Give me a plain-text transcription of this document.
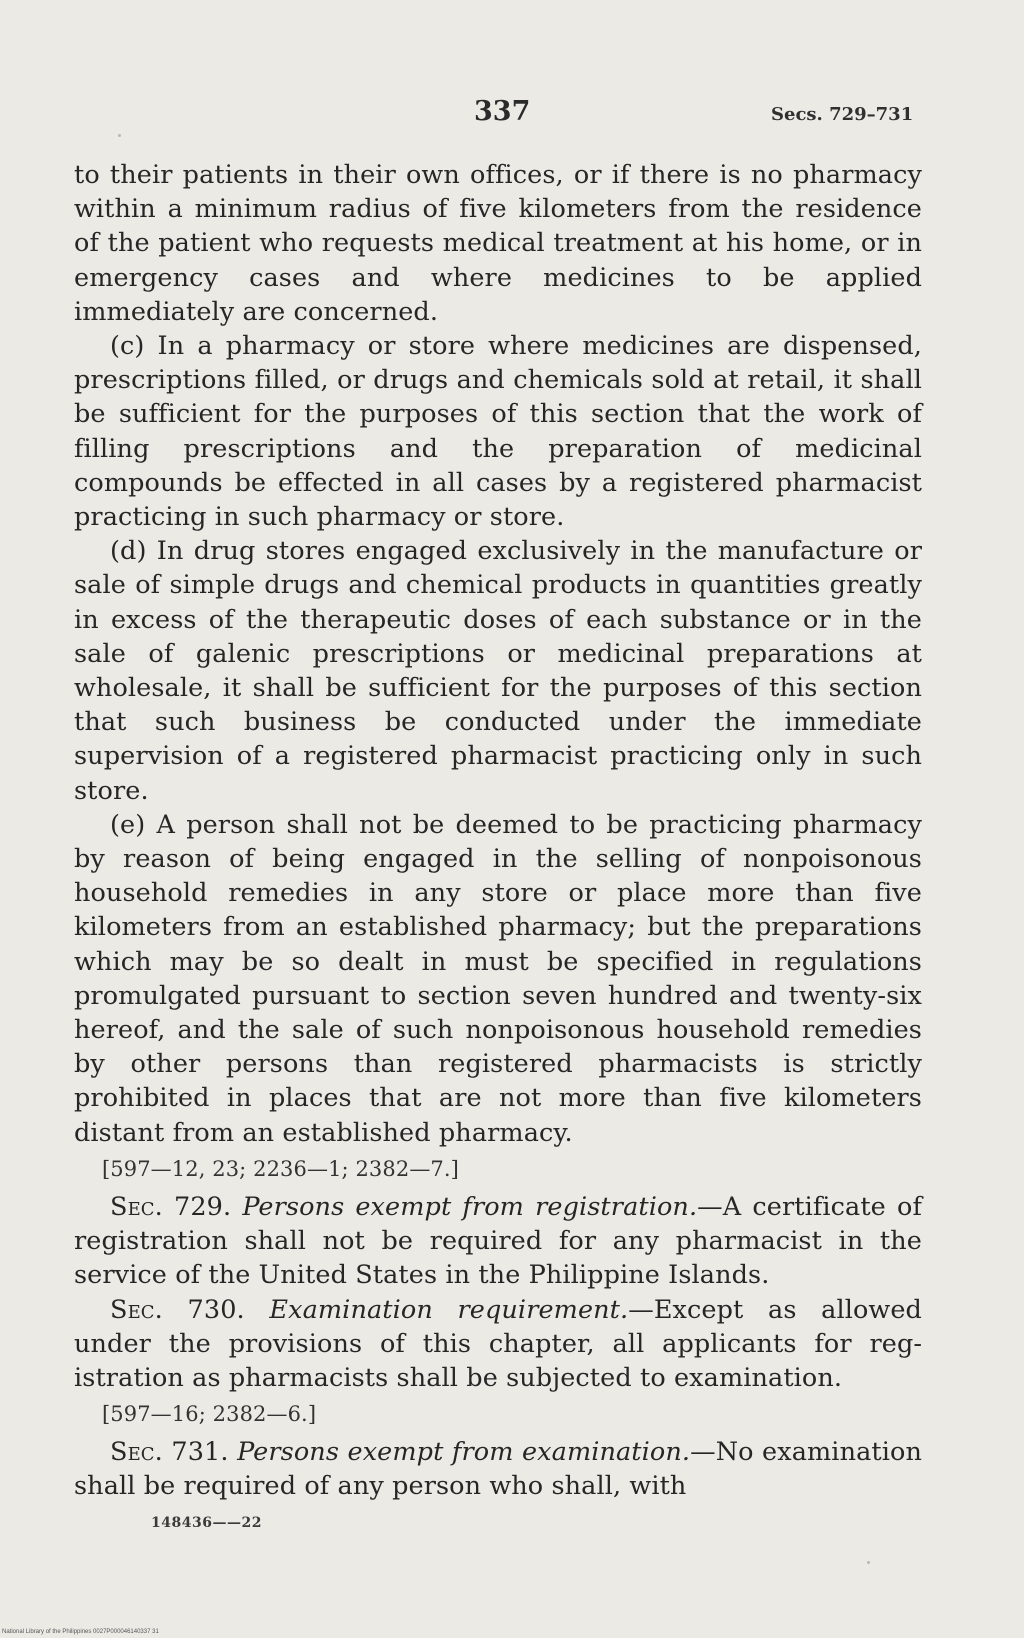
337	Secs. 729–731

to their patients in their own offices, or if there is no pharmacy within a minimum radius of five kilometers from the residence of the patient who requests medical treatment at his home, or in emergency cases and where medicines to be applied immediately are concerned.

(c) In a pharmacy or store where medicines are dispensed, prescriptions filled, or drugs and chemicals sold at retail, it shall be sufficient for the purposes of this section that the work of filling prescriptions and the preparation of medicinal compounds be effected in all cases by a registered pharmacist practicing in such pharmacy or store.

(d) In drug stores engaged exclusively in the manufacture or sale of simple drugs and chemical products in quantities greatly in excess of the therapeutic doses of each substance or in the sale of galenic prescriptions or medicinal preparations at wholesale, it shall be sufficient for the purposes of this section that such business be conducted under the immediate supervision of a registered pharmacist practicing only in such store.

(e) A person shall not be deemed to be practicing pharmacy by reason of being engaged in the selling of nonpoisonous household remedies in any store or place more than five kilometers from an established pharmacy; but the preparations which may be so dealt in must be specified in regulations promulgated pursuant to section seven hundred and twenty-six hereof, and the sale of such nonpoisonous household remedies by other persons than registered pharmacists is strictly prohibited in places that are not more than five kilometers distant from an established pharmacy.

[597—12, 23; 2236—1; 2382—7.]

Sec. 729. Persons exempt from registration.—A certificate of registration shall not be required for any pharmacist in the service of the United States in the Philippine Islands.

Sec. 730. Examination requirement.—Except as allowed under the provisions of this chapter, all applicants for registration as pharmacists shall be subjected to examination.

[597—16; 2382—6.]

Sec. 731. Persons exempt from examination.—No examination shall be required of any person who shall, with

148436——22
National Library of the Philippines 0027P000046140337 31
